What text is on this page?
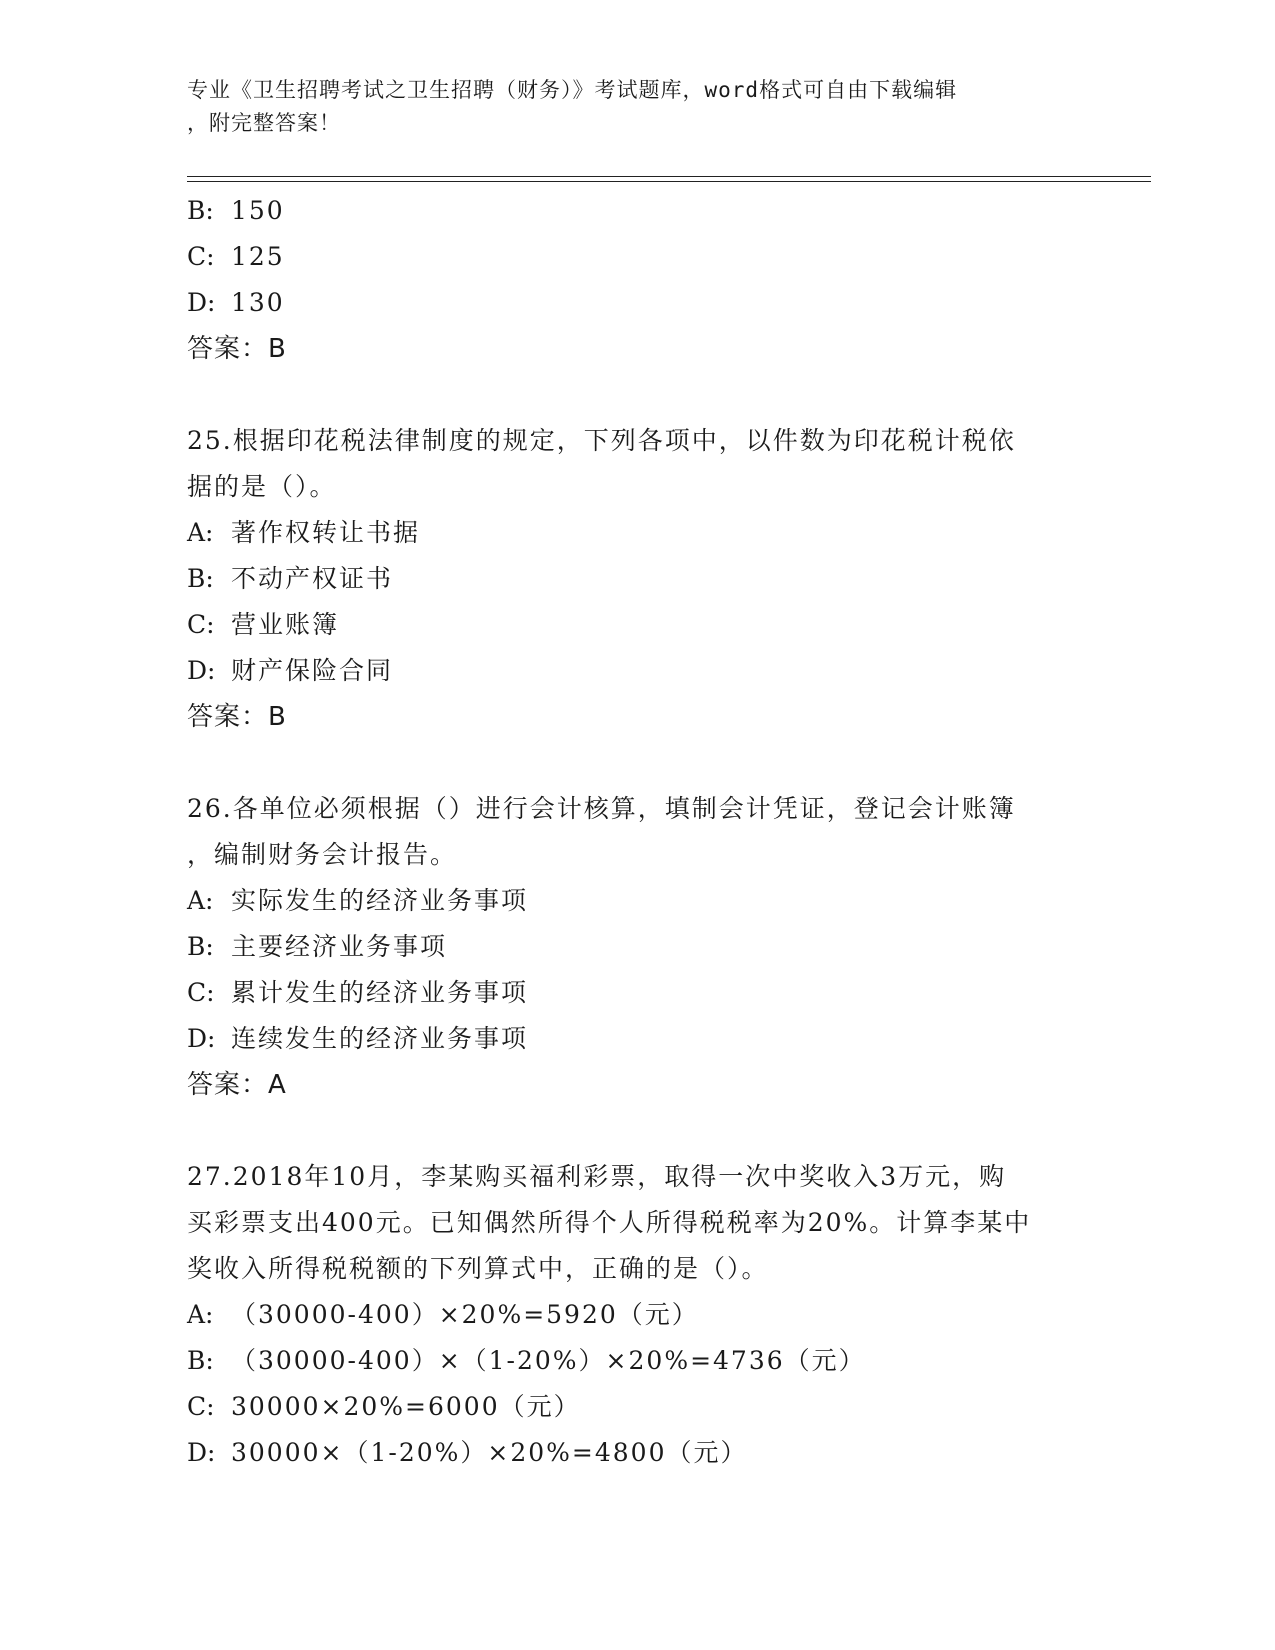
专业《卫生招聘考试之卫生招聘（财务）》考试题库，word格式可自由下载编辑
，附完整答案！
B: 150
C: 125
D: 130
答案：B
25.根据印花税法律制度的规定，下列各项中，以件数为印花税计税依
据的是（）。
A: 著作权转让书据
B: 不动产权证书
C: 营业账簿
D: 财产保险合同
答案：B
26.各单位必须根据（）进行会计核算，填制会计凭证，登记会计账簿
，编制财务会计报告。
A: 实际发生的经济业务事项
B: 主要经济业务事项
C: 累计发生的经济业务事项
D: 连续发生的经济业务事项
答案：A
27.2018年10月，李某购买福利彩票，取得一次中奖收入3万元，购
买彩票支出400元。已知偶然所得个人所得税税率为20%。计算李某中
奖收入所得税税额的下列算式中，正确的是（）。
A: （30000-400）×20%=5920（元）
B: （30000-400）×（1-20%）×20%=4736（元）
C: 30000×20%=6000（元）
D: 30000×（1-20%）×20%=4800（元）
